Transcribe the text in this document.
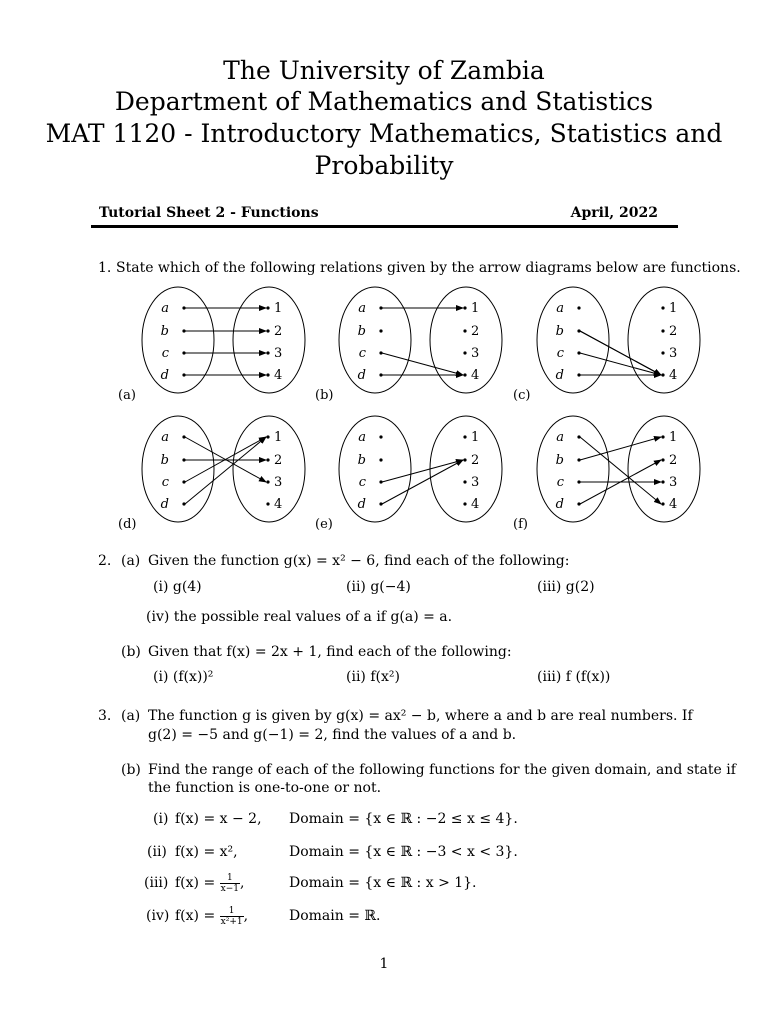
The University of Zambia
Department of Mathematics and Statistics
MAT 1120 - Introductory Mathematics, Statistics and
Probability
Tutorial Sheet 2 - Functions	April, 2022
1. State which of the following relations given by the arrow diagrams below are functions.
a
b
c
d
1
2
3
4
(a)
a
b
c
d
1
2
3
4
(b)
a
b
c
d
1
2
3
4
(c)
a
b
c
d
1
2
3
4
(d)
a
b
c
d
1
2
3
4
(e)
a
b
c
d
1
2
3
4
(f)
2. (a) Given the function g(x) = x² − 6, find each of the following:
(i) g(4)	(ii) g(−4)	(iii) g(2)
(iv) the possible real values of a if g(a) = a.
(b) Given that f(x) = 2x + 1, find each of the following:
(i) (f(x))²	(ii) f(x²)	(iii) f (f(x))
3. (a) The function g is given by g(x) = ax² − b, where a and b are real numbers. If
g(2) = −5 and g(−1) = 2, find the values of a and b.
(b) Find the range of each of the following functions for the given domain, and state if
the function is one-to-one or not.
(i) f(x) = x − 2, Domain = {x ∈ ℝ : −2 ≤ x ≤ 4}.
(ii) f(x) = x²,	Domain = {x ∈ ℝ : −3 < x < 3}.
(iii) $f(x) = \frac{1}{x-1}$ ,	Domain = {x ∈ ℝ : x > 1}.
(iv) $f(x) = \frac{1}{\text{x²+1}}$ ,	Domain = ℝ.
1
